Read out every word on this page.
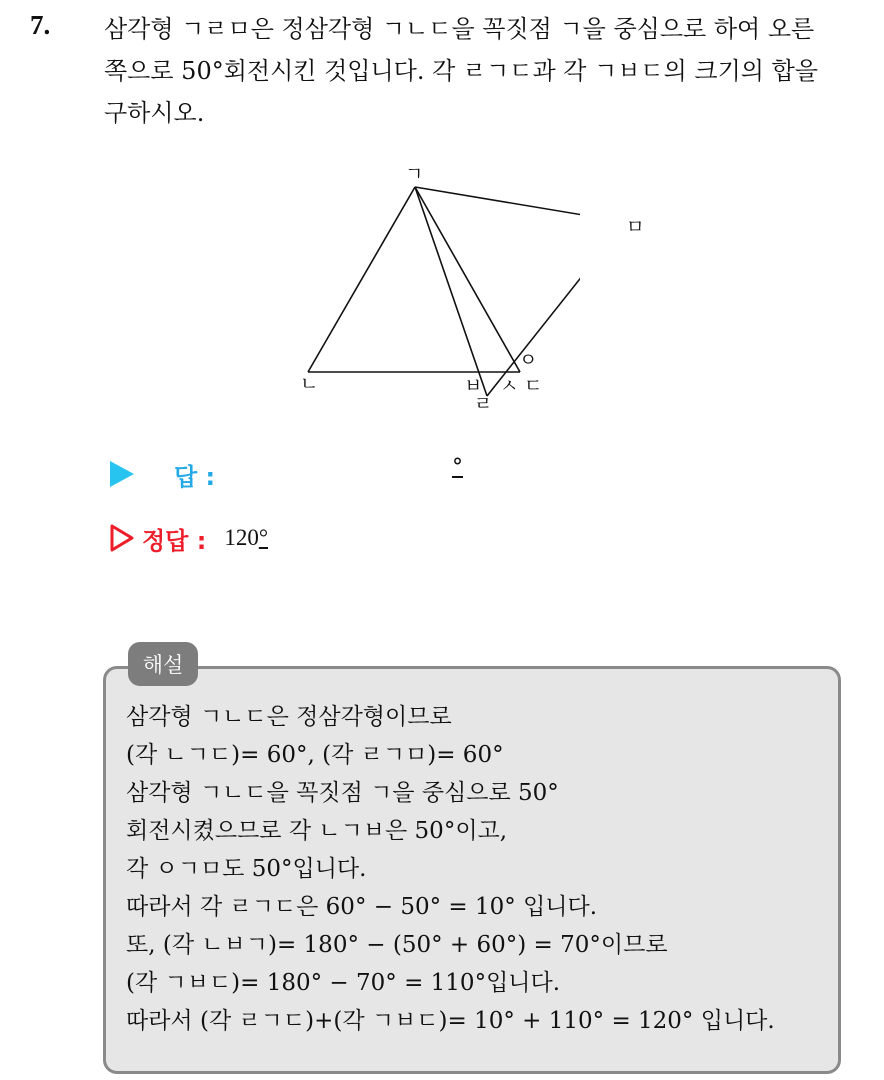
7. 삼각형 ㄱㄹㅁ은 정삼각형 ㄱㄴㄷ을 꼭짓점 ㄱ을 중심으로 하여 오른
쪽으로 50°회전시킨 것입니다. 각 ㄹㄱㄷ과 각 ㄱㅂㄷ의 크기의 합을
구하시오.
ㄱ
ㄴ
ㅇ
ㅂ
ㄹ
ㅅ ㄷ
ㅁ
답 :	°
정답 : 120°
해설
삼각형 ㄱㄴㄷ은 정삼각형이므로
(각 ㄴㄱㄷ)= 60°, (각 ㄹㄱㅁ)= 60°
삼각형 ㄱㄴㄷ을 꼭짓점 ㄱ을 중심으로 50°
회전시켰으므로 각 ㄴㄱㅂ은 50°이고,
각 ㅇㄱㅁ도 50°입니다.
따라서 각 ㄹㄱㄷ은 60° − 50° = 10° 입니다.
또, (각 ㄴㅂㄱ)= 180° − (50° + 60°) = 70°이므로
(각 ㄱㅂㄷ)= 180° − 70° = 110°입니다.
따라서 (각 ㄹㄱㄷ)+(각 ㄱㅂㄷ)= 10° + 110° = 120° 입니다.
